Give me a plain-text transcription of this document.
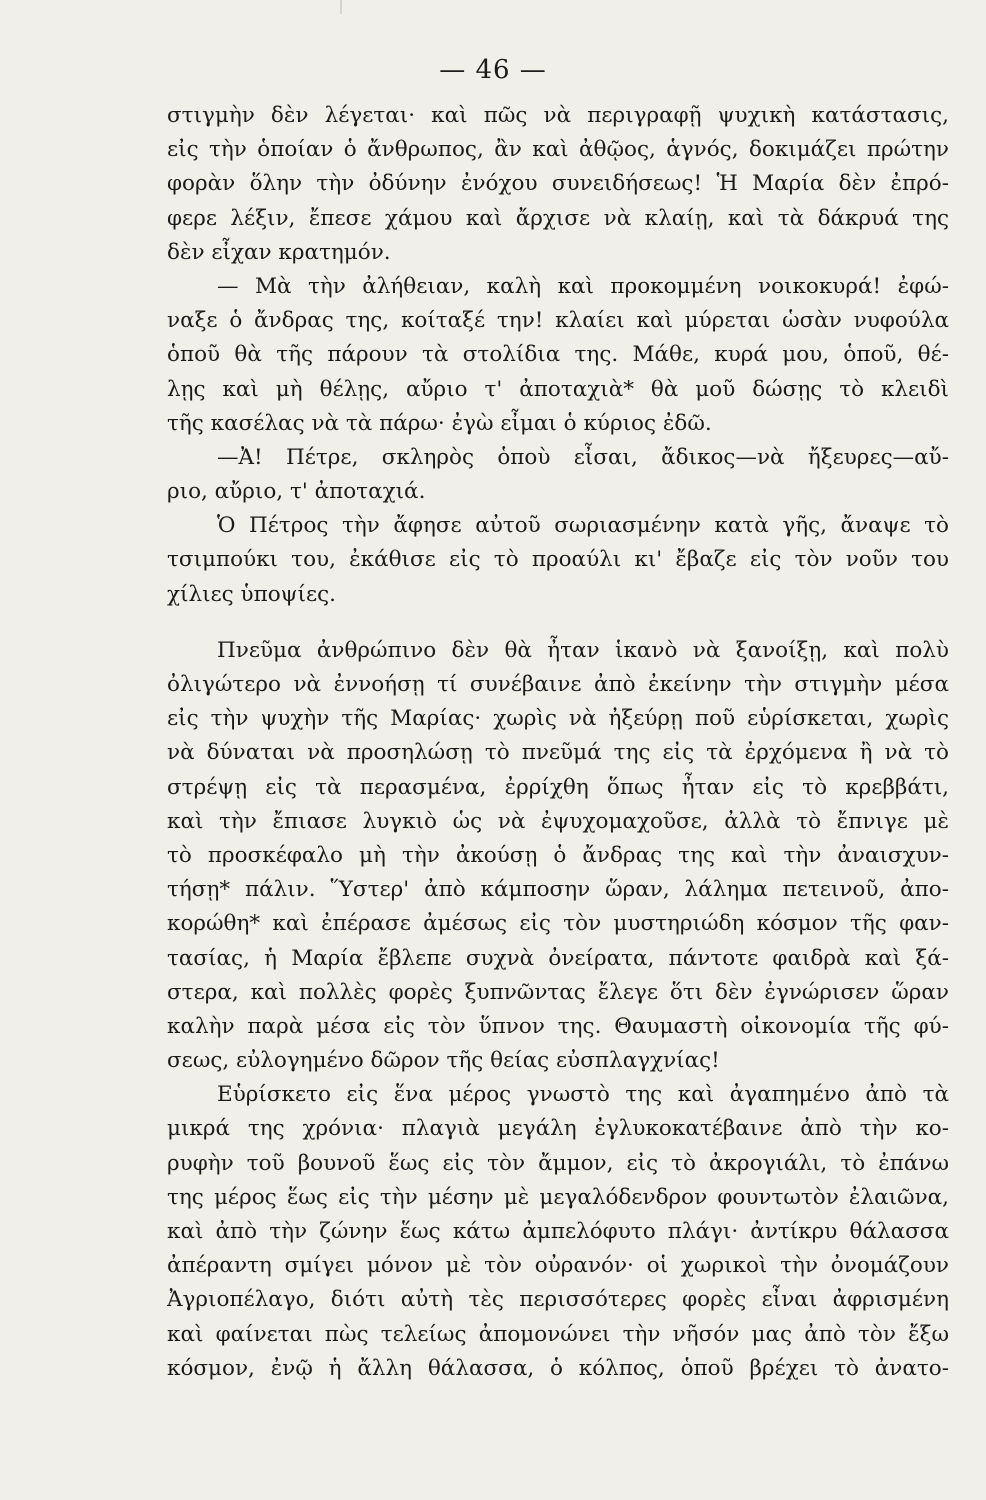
— 46 —
στιγμὴν δὲν λέγεται· καὶ πῶς νὰ περιγραφῇ ψυχικὴ κατάστασις,
εἰς τὴν ὁποίαν ὁ ἄνθρωπος, ἂν καὶ ἀθῷος, ἁγνός, δοκιμάζει πρώτην
φορὰν ὅλην τὴν ὀδύνην ἐνόχου συνειδήσεως! Ἡ Μαρία δὲν ἐπρό-
φερε λέξιν, ἔπεσε χάμου καὶ ἄρχισε νὰ κλαίῃ, καὶ τὰ δάκρυά της
δὲν εἶχαν κρατημόν.
— Μὰ τὴν ἀλήθειαν, καλὴ καὶ προκομμένη νοικοκυρά! ἐφώ-
ναξε ὁ ἄνδρας της, κοίταξέ την! κλαίει καὶ μύρεται ὡσὰν νυφούλα
ὁποῦ θὰ τῆς πάρουν τὰ στολίδια της. Μάθε, κυρά μου, ὁποῦ, θέ-
λῃς καὶ μὴ θέλῃς, αὔριο τ' ἀποταχιὰ* θὰ μοῦ δώσῃς τὸ κλειδὶ
τῆς κασέλας νὰ τὰ πάρω· ἐγὼ εἶμαι ὁ κύριος ἐδῶ.
—Ἀ! Πέτρε, σκληρὸς ὁποὺ εἶσαι, ἄδικος—νὰ ἤξευρες—αὔ-
ριο, αὔριο, τ' ἀποταχιά.
Ὁ Πέτρος τὴν ἄφησε αὐτοῦ σωριασμένην κατὰ γῆς, ἄναψε τὸ
τσιμπούκι του, ἐκάθισε εἰς τὸ προαύλι κι' ἔβαζε εἰς τὸν νοῦν του
χίλιες ὑποψίες.
Πνεῦμα ἀνθρώπινο δὲν θὰ ἦταν ἱκανὸ νὰ ξανοίξῃ, καὶ πολὺ
ὀλιγώτερο νὰ ἐννοήσῃ τί συνέβαινε ἀπὸ ἐκείνην τὴν στιγμὴν μέσα
εἰς τὴν ψυχὴν τῆς Μαρίας· χωρὶς νὰ ἠξεύρῃ ποῦ εὑρίσκεται, χωρὶς
νὰ δύναται νὰ προσηλώσῃ τὸ πνεῦμά της εἰς τὰ ἐρχόμενα ἢ νὰ τὸ
στρέψῃ εἰς τὰ περασμένα, ἐρρίχθη ὅπως ἦταν εἰς τὸ κρεββάτι,
καὶ τὴν ἔπιασε λυγκιὸ ὡς νὰ ἐψυχομαχοῦσε, ἀλλὰ τὸ ἔπνιγε μὲ
τὸ προσκέφαλο μὴ τὴν ἀκούσῃ ὁ ἄνδρας της καὶ τὴν ἀναισχυν-
τήσῃ* πάλιν. Ὕστερ' ἀπὸ κάμποσην ὥραν, λάλημα πετεινοῦ, ἀπο-
κορώθη* καὶ ἐπέρασε ἀμέσως εἰς τὸν μυστηριώδη κόσμον τῆς φαν-
τασίας, ἡ Μαρία ἔβλεπε συχνὰ ὀνείρατα, πάντοτε φαιδρὰ καὶ ξά-
στερα, καὶ πολλὲς φορὲς ξυπνῶντας ἔλεγε ὅτι δὲν ἐγνώρισεν ὥραν
καλὴν παρὰ μέσα εἰς τὸν ὕπνον της. Θαυμαστὴ οἰκονομία τῆς φύ-
σεως, εὐλογημένο δῶρον τῆς θείας εὐσπλαγχνίας!
Εὑρίσκετο εἰς ἕνα μέρος γνωστὸ της καὶ ἀγαπημένο ἀπὸ τὰ
μικρά της χρόνια· πλαγιὰ μεγάλη ἐγλυκοκατέβαινε ἀπὸ τὴν κο-
ρυφὴν τοῦ βουνοῦ ἕως εἰς τὸν ἄμμον, εἰς τὸ ἀκρογιάλι, τὸ ἐπάνω
της μέρος ἕως εἰς τὴν μέσην μὲ μεγαλόδενδρον φουντωτὸν ἐλαιῶνα,
καὶ ἀπὸ τὴν ζώνην ἕως κάτω ἀμπελόφυτο πλάγι· ἀντίκρυ θάλασσα
ἀπέραντη σμίγει μόνον μὲ τὸν οὐρανόν· οἱ χωρικοὶ τὴν ὀνομάζουν
Ἀγριοπέλαγο, διότι αὐτὴ τὲς περισσότερες φορὲς εἶναι ἀφρισμένη
καὶ φαίνεται πὼς τελείως ἀπομονώνει τὴν νῆσόν μας ἀπὸ τὸν ἔξω
κόσμον, ἐνῷ ἡ ἄλλη θάλασσα, ὁ κόλπος, ὁποῦ βρέχει τὸ ἀνατο-
